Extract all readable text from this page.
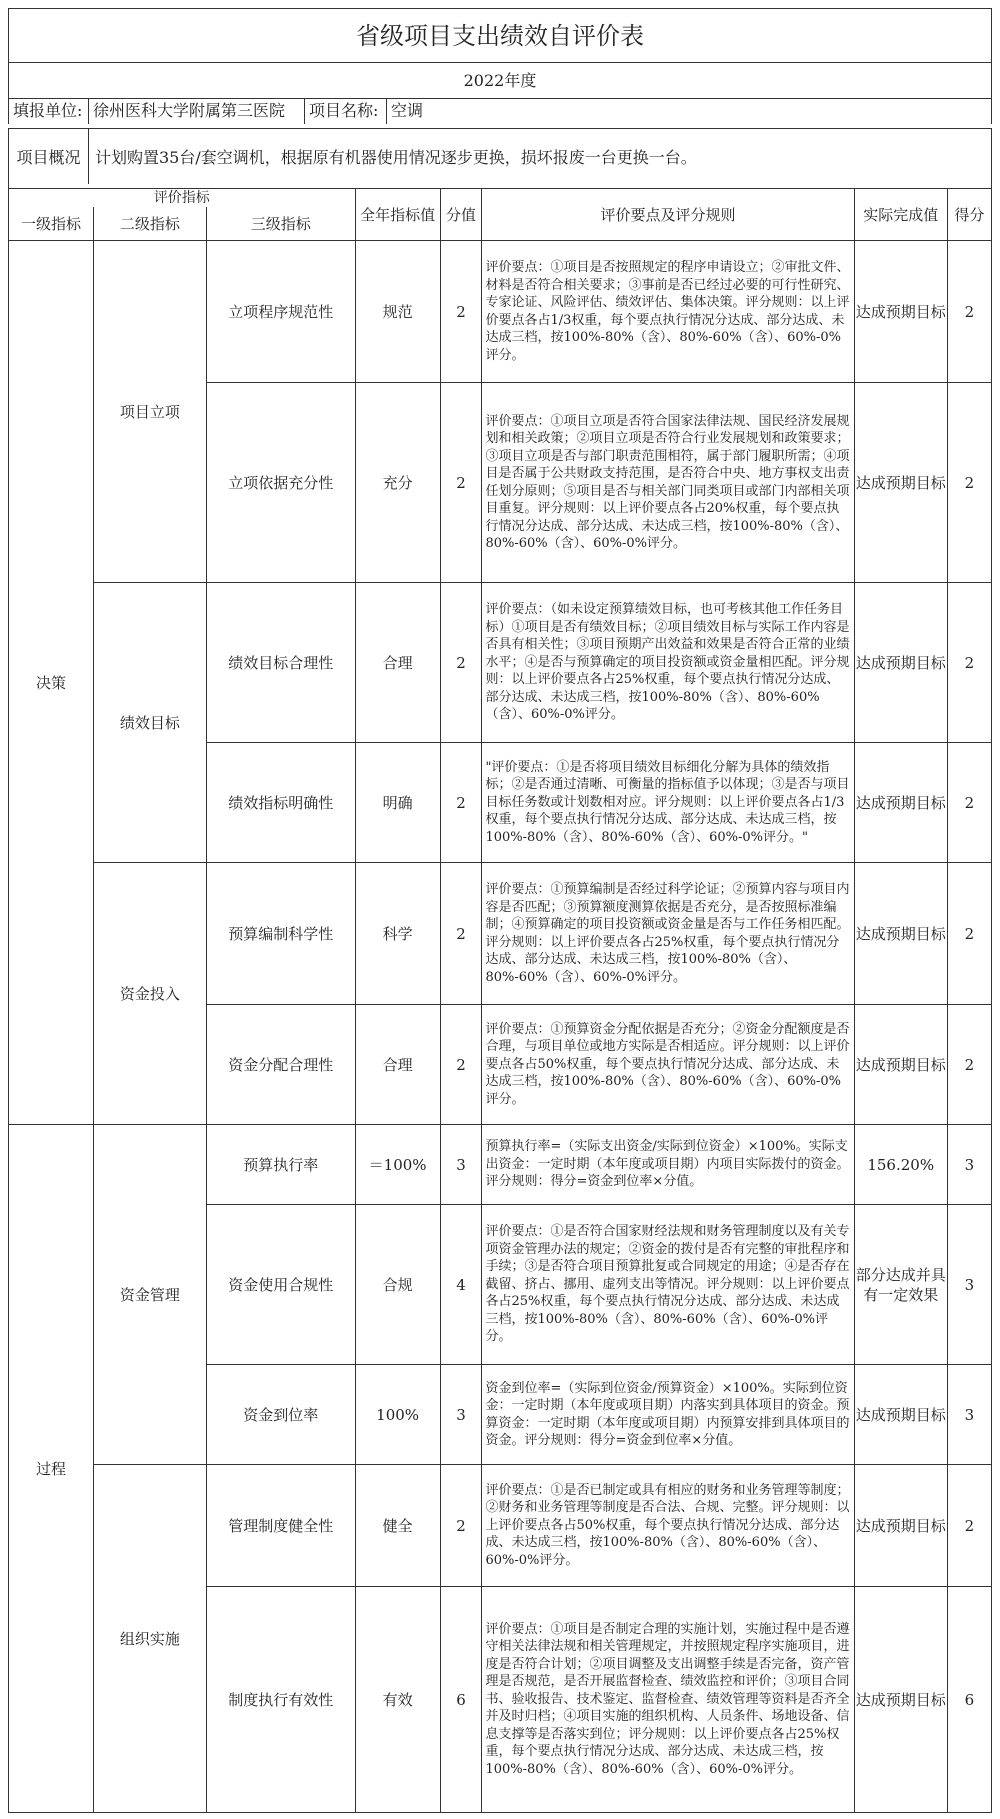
省级项目支出绩效自评价表
2022年度
填报单位: 徐州医科大学附属第三医院	项目名称: 空调
项目概况 计划购置35台/套空调机，根据原有机器使用情况逐步更换，损坏报废一台更换一台。
评价指标			全年指标值	分值	评价要点及评分规则	实际完成值	得分
一级指标	二级指标	三级指标					
决策	项目立项	立项程序规范性	规范	2	评价要点：①项目是否按照规定的程序申请设立；②审批文件、材料是否符合相关要求；③事前是否已经过必要的可行性研究、专家论证、风险评估、绩效评估、集体决策。评分规则：以上评价要点各占1/3权重，每个要点执行情况分达成、部分达成、未达成三档，按100%-80%（含）、80%-60%（含）、60%-0%评分。	达成预期目标	2
		立项依据充分性	充分	2	评价要点：①项目立项是否符合国家法律法规、国民经济发展规划和相关政策；②项目立项是否符合行业发展规划和政策要求；③项目立项是否与部门职责范围相符，属于部门履职所需；④项目是否属于公共财政支持范围，是否符合中央、地方事权支出责任划分原则；⑤项目是否与相关部门同类项目或部门内部相关项目重复。评分规则：以上评价要点各占20%权重，每个要点执行情况分达成、部分达成、未达成三档，按100%-80%（含）、80%-60%（含）、60%-0%评分。	达成预期目标	2
	绩效目标	绩效目标合理性	合理	2	评价要点：（如未设定预算绩效目标，也可考核其他工作任务目标）①项目是否有绩效目标；②项目绩效目标与实际工作内容是否具有相关性；③项目预期产出效益和效果是否符合正常的业绩水平；④是否与预算确定的项目投资额或资金量相匹配。评分规则：以上评价要点各占25%权重，每个要点执行情况分达成、部分达成、未达成三档，按100%-80%（含）、80%-60%（含）、60%-0%评分。	达成预期目标	2
		绩效指标明确性	明确	2	"评价要点：①是否将项目绩效目标细化分解为具体的绩效指标；②是否通过清晰、可衡量的指标值予以体现；③是否与项目目标任务数或计划数相对应。评分规则：以上评价要点各占1/3权重，每个要点执行情况分达成、部分达成、未达成三档，按100%-80%（含）、80%-60%（含）、60%-0%评分。"	达成预期目标	2
	资金投入	预算编制科学性	科学	2	评价要点：①预算编制是否经过科学论证；②预算内容与项目内容是否匹配；③预算额度测算依据是否充分，是否按照标准编制；④预算确定的项目投资额或资金量是否与工作任务相匹配。评分规则：以上评价要点各占25%权重，每个要点执行情况分达成、部分达成、未达成三档，按100%-80%（含）、80%-60%（含）、60%-0%评分。	达成预期目标	2
		资金分配合理性	合理	2	评价要点：①预算资金分配依据是否充分；②资金分配额度是否合理，与项目单位或地方实际是否相适应。评分规则：以上评价要点各占50%权重，每个要点执行情况分达成、部分达成、未达成三档，按100%-80%（含）、80%-60%（含）、60%-0%评分。	达成预期目标	2
过程	资金管理	预算执行率	＝100%	3	预算执行率=（实际支出资金/实际到位资金）×100%。实际支出资金：一定时期（本年度或项目期）内项目实际拨付的资金。评分规则：得分=资金到位率×分值。	156.20%	3
		资金使用合规性	合规	4	评价要点：①是否符合国家财经法规和财务管理制度以及有关专项资金管理办法的规定；②资金的拨付是否有完整的审批程序和手续；③是否符合项目预算批复或合同规定的用途；④是否存在截留、挤占、挪用、虚列支出等情况。评分规则：以上评价要点各占25%权重，每个要点执行情况分达成、部分达成、未达成三档，按100%-80%（含）、80%-60%（含）、60%-0%评分。	部分达成并具有一定效果	3
		资金到位率	100%	3	资金到位率=（实际到位资金/预算资金）×100%。实际到位资金：一定时期（本年度或项目期）内落实到具体项目的资金。预算资金：一定时期（本年度或项目期）内预算安排到具体项目的资金。评分规则：得分=资金到位率×分值。	达成预期目标	3
	组织实施	管理制度健全性	健全	2	评价要点：①是否已制定或具有相应的财务和业务管理等制度；②财务和业务管理等制度是否合法、合规、完整。评分规则：以上评价要点各占50%权重，每个要点执行情况分达成、部分达成、未达成三档，按100%-80%（含）、80%-60%（含）、60%-0%评分。	达成预期目标	2
		制度执行有效性	有效	6	评价要点：①项目是否制定合理的实施计划，实施过程中是否遵守相关法律法规和相关管理规定，并按照规定程序实施项目，进度是否符合计划；②项目调整及支出调整手续是否完备，资产管理是否规范，是否开展监督检查、绩效监控和评价；③项目合同书、验收报告、技术鉴定、监督检查、绩效管理等资料是否齐全并及时归档；④项目实施的组织机构、人员条件、场地设备、信息支撑等是否落实到位；评分规则：以上评价要点各占25%权重，每个要点执行情况分达成、部分达成、未达成三档，按100%-80%（含）、80%-60%（含）、60%-0%评分。	达成预期目标	6
